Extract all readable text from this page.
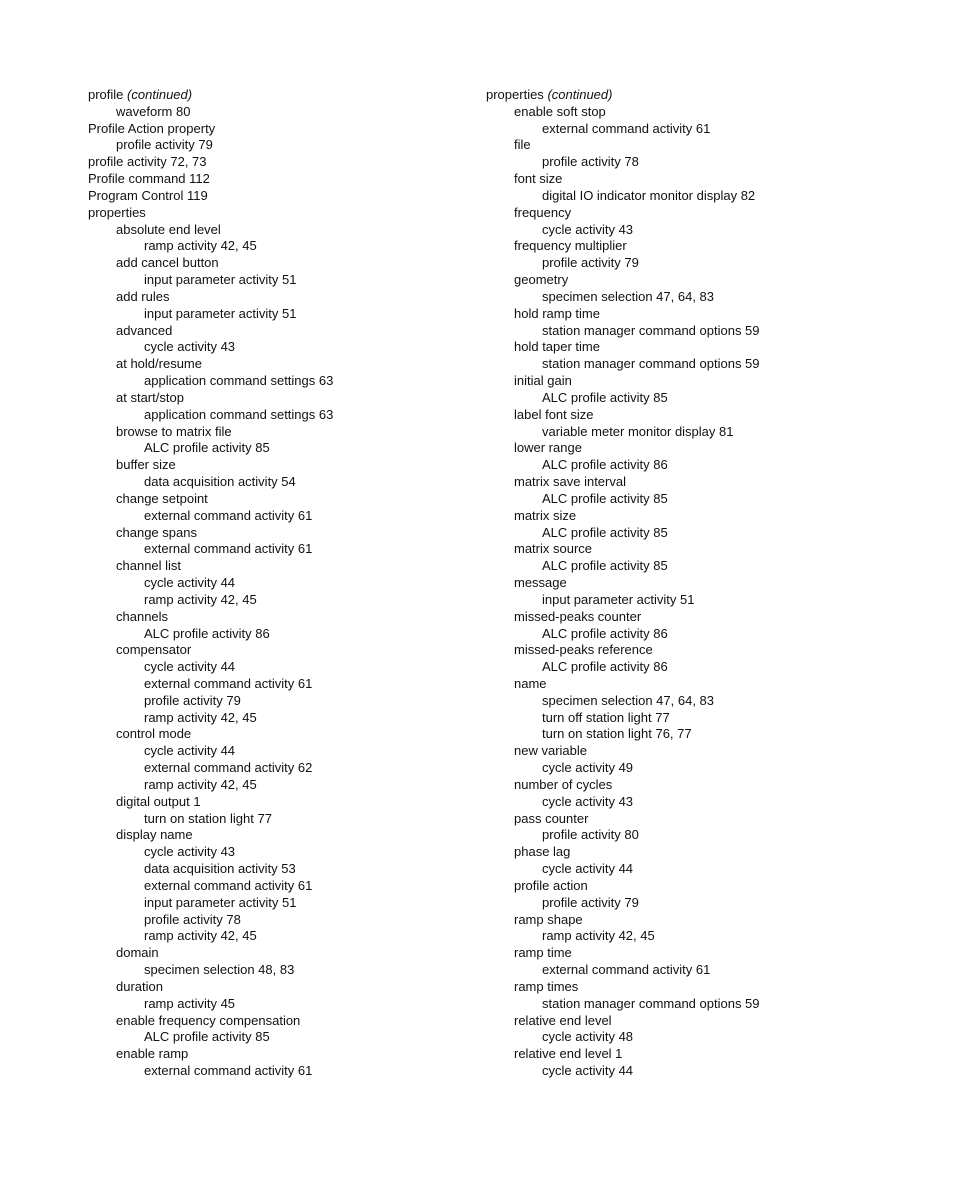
profile (continued)
waveform 80
Profile Action property
profile activity 79
profile activity 72, 73
Profile command 112
Program Control 119
properties
absolute end level
ramp activity 42, 45
add cancel button
input parameter activity 51
add rules
input parameter activity 51
advanced
cycle activity 43
at hold/resume
application command settings 63
at start/stop
application command settings 63
browse to matrix file
ALC profile activity 85
buffer size
data acquisition activity 54
change setpoint
external command activity 61
change spans
external command activity 61
channel list
cycle activity 44
ramp activity 42, 45
channels
ALC profile activity 86
compensator
cycle activity 44
external command activity 61
profile activity 79
ramp activity 42, 45
control mode
cycle activity 44
external command activity 62
ramp activity 42, 45
digital output 1
turn on station light 77
display name
cycle activity 43
data acquisition activity 53
external command activity 61
input parameter activity 51
profile activity 78
ramp activity 42, 45
domain
specimen selection 48, 83
duration
ramp activity 45
enable frequency compensation
ALC profile activity 85
enable ramp
external command activity 61
properties (continued)
enable soft stop
external command activity 61
file
profile activity 78
font size
digital IO indicator monitor display 82
frequency
cycle activity 43
frequency multiplier
profile activity 79
geometry
specimen selection 47, 64, 83
hold ramp time
station manager command options 59
hold taper time
station manager command options 59
initial gain
ALC profile activity 85
label font size
variable meter monitor display 81
lower range
ALC profile activity 86
matrix save interval
ALC profile activity 85
matrix size
ALC profile activity 85
matrix source
ALC profile activity 85
message
input parameter activity 51
missed-peaks counter
ALC profile activity 86
missed-peaks reference
ALC profile activity 86
name
specimen selection 47, 64, 83
turn off station light 77
turn on station light 76, 77
new variable
cycle activity 49
number of cycles
cycle activity 43
pass counter
profile activity 80
phase lag
cycle activity 44
profile action
profile activity 79
ramp shape
ramp activity 42, 45
ramp time
external command activity 61
ramp times
station manager command options 59
relative end level
cycle activity 48
relative end level 1
cycle activity 44
